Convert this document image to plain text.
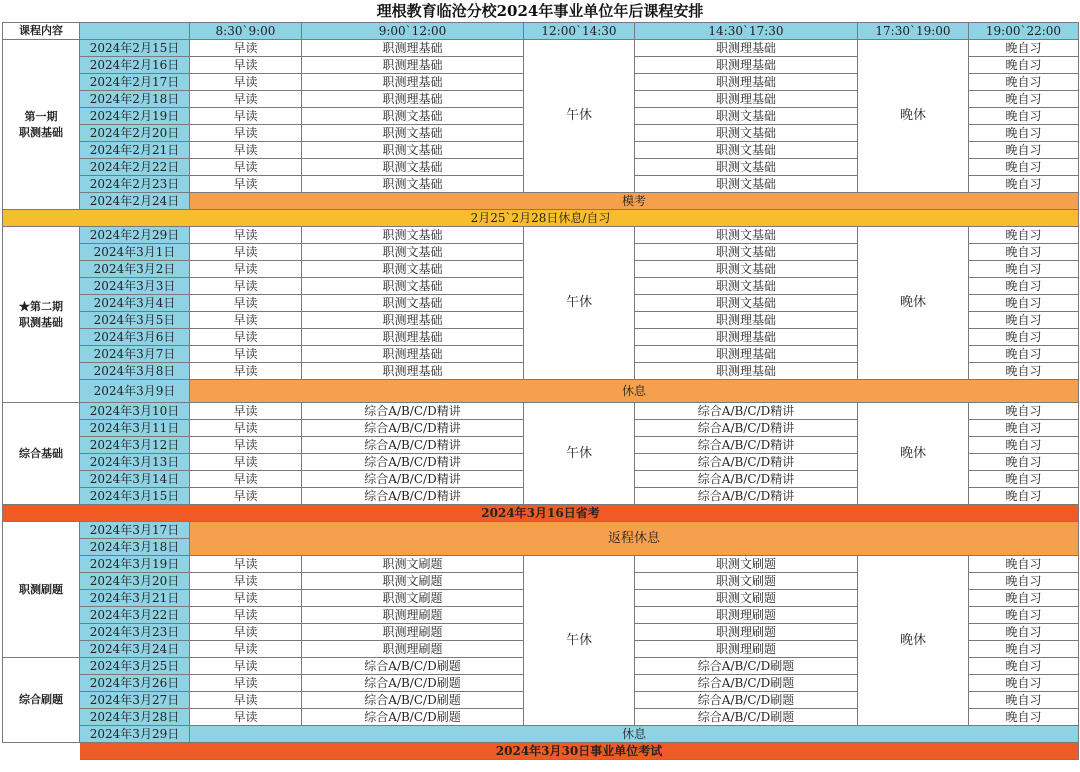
理根教育临沧分校2024年事业单位年后课程安排
课程内容		8:30`9:00	9:00`12:00	12:00`14:30	14:30`17:30	17:30`19:00	19:00`22:00
第一期
职测基础	2024年2月15日	早读	职测理基础	午休	职测理基础	晚休	晚自习
	2024年2月16日	早读	职测理基础		职测理基础		晚自习
	2024年2月17日	早读	职测理基础		职测理基础		晚自习
	2024年2月18日	早读	职测理基础		职测理基础		晚自习
	2024年2月19日	早读	职测文基础		职测文基础		晚自习
	2024年2月20日	早读	职测文基础		职测文基础		晚自习
	2024年2月21日	早读	职测文基础		职测文基础		晚自习
	2024年2月22日	早读	职测文基础		职测文基础		晚自习
	2024年2月23日	早读	职测文基础		职测文基础		晚自习
	2024年2月24日	模考					
2月25`2月28日休息/自习							
★第二期
职测基础	2024年2月29日	早读	职测文基础	午休	职测文基础	晚休	晚自习
	2024年3月1日	早读	职测文基础		职测文基础		晚自习
	2024年3月2日	早读	职测文基础		职测文基础		晚自习
	2024年3月3日	早读	职测文基础		职测文基础		晚自习
	2024年3月4日	早读	职测文基础		职测文基础		晚自习
	2024年3月5日	早读	职测理基础		职测理基础		晚自习
	2024年3月6日	早读	职测理基础		职测理基础		晚自习
	2024年3月7日	早读	职测理基础		职测理基础		晚自习
	2024年3月8日	早读	职测理基础		职测理基础		晚自习
	2024年3月9日	休息					
综合基础	2024年3月10日	早读	综合A/B/C/D精讲	午休	综合A/B/C/D精讲	晚休	晚自习
	2024年3月11日	早读	综合A/B/C/D精讲		综合A/B/C/D精讲		晚自习
	2024年3月12日	早读	综合A/B/C/D精讲		综合A/B/C/D精讲		晚自习
	2024年3月13日	早读	综合A/B/C/D精讲		综合A/B/C/D精讲		晚自习
	2024年3月14日	早读	综合A/B/C/D精讲		综合A/B/C/D精讲		晚自习
	2024年3月15日	早读	综合A/B/C/D精讲		综合A/B/C/D精讲		晚自习
2024年3月16日省考							
职测刷题	2024年3月17日	返程休息					
	2024年3月18日						
	2024年3月19日	早读	职测文刷题	午休	职测文刷题	晚休	晚自习
	2024年3月20日	早读	职测文刷题		职测文刷题		晚自习
	2024年3月21日	早读	职测文刷题		职测文刷题		晚自习
	2024年3月22日	早读	职测理刷题		职测理刷题		晚自习
	2024年3月23日	早读	职测理刷题		职测理刷题		晚自习
	2024年3月24日	早读	职测理刷题		职测理刷题		晚自习
综合刷题	2024年3月25日	早读	综合A/B/C/D刷题		综合A/B/C/D刷题		晚自习
	2024年3月26日	早读	综合A/B/C/D刷题		综合A/B/C/D刷题		晚自习
	2024年3月27日	早读	综合A/B/C/D刷题		综合A/B/C/D刷题		晚自习
	2024年3月28日	早读	综合A/B/C/D刷题		综合A/B/C/D刷题		晚自习
	2024年3月29日	休息					
	2024年3月30日事业单位考试						
